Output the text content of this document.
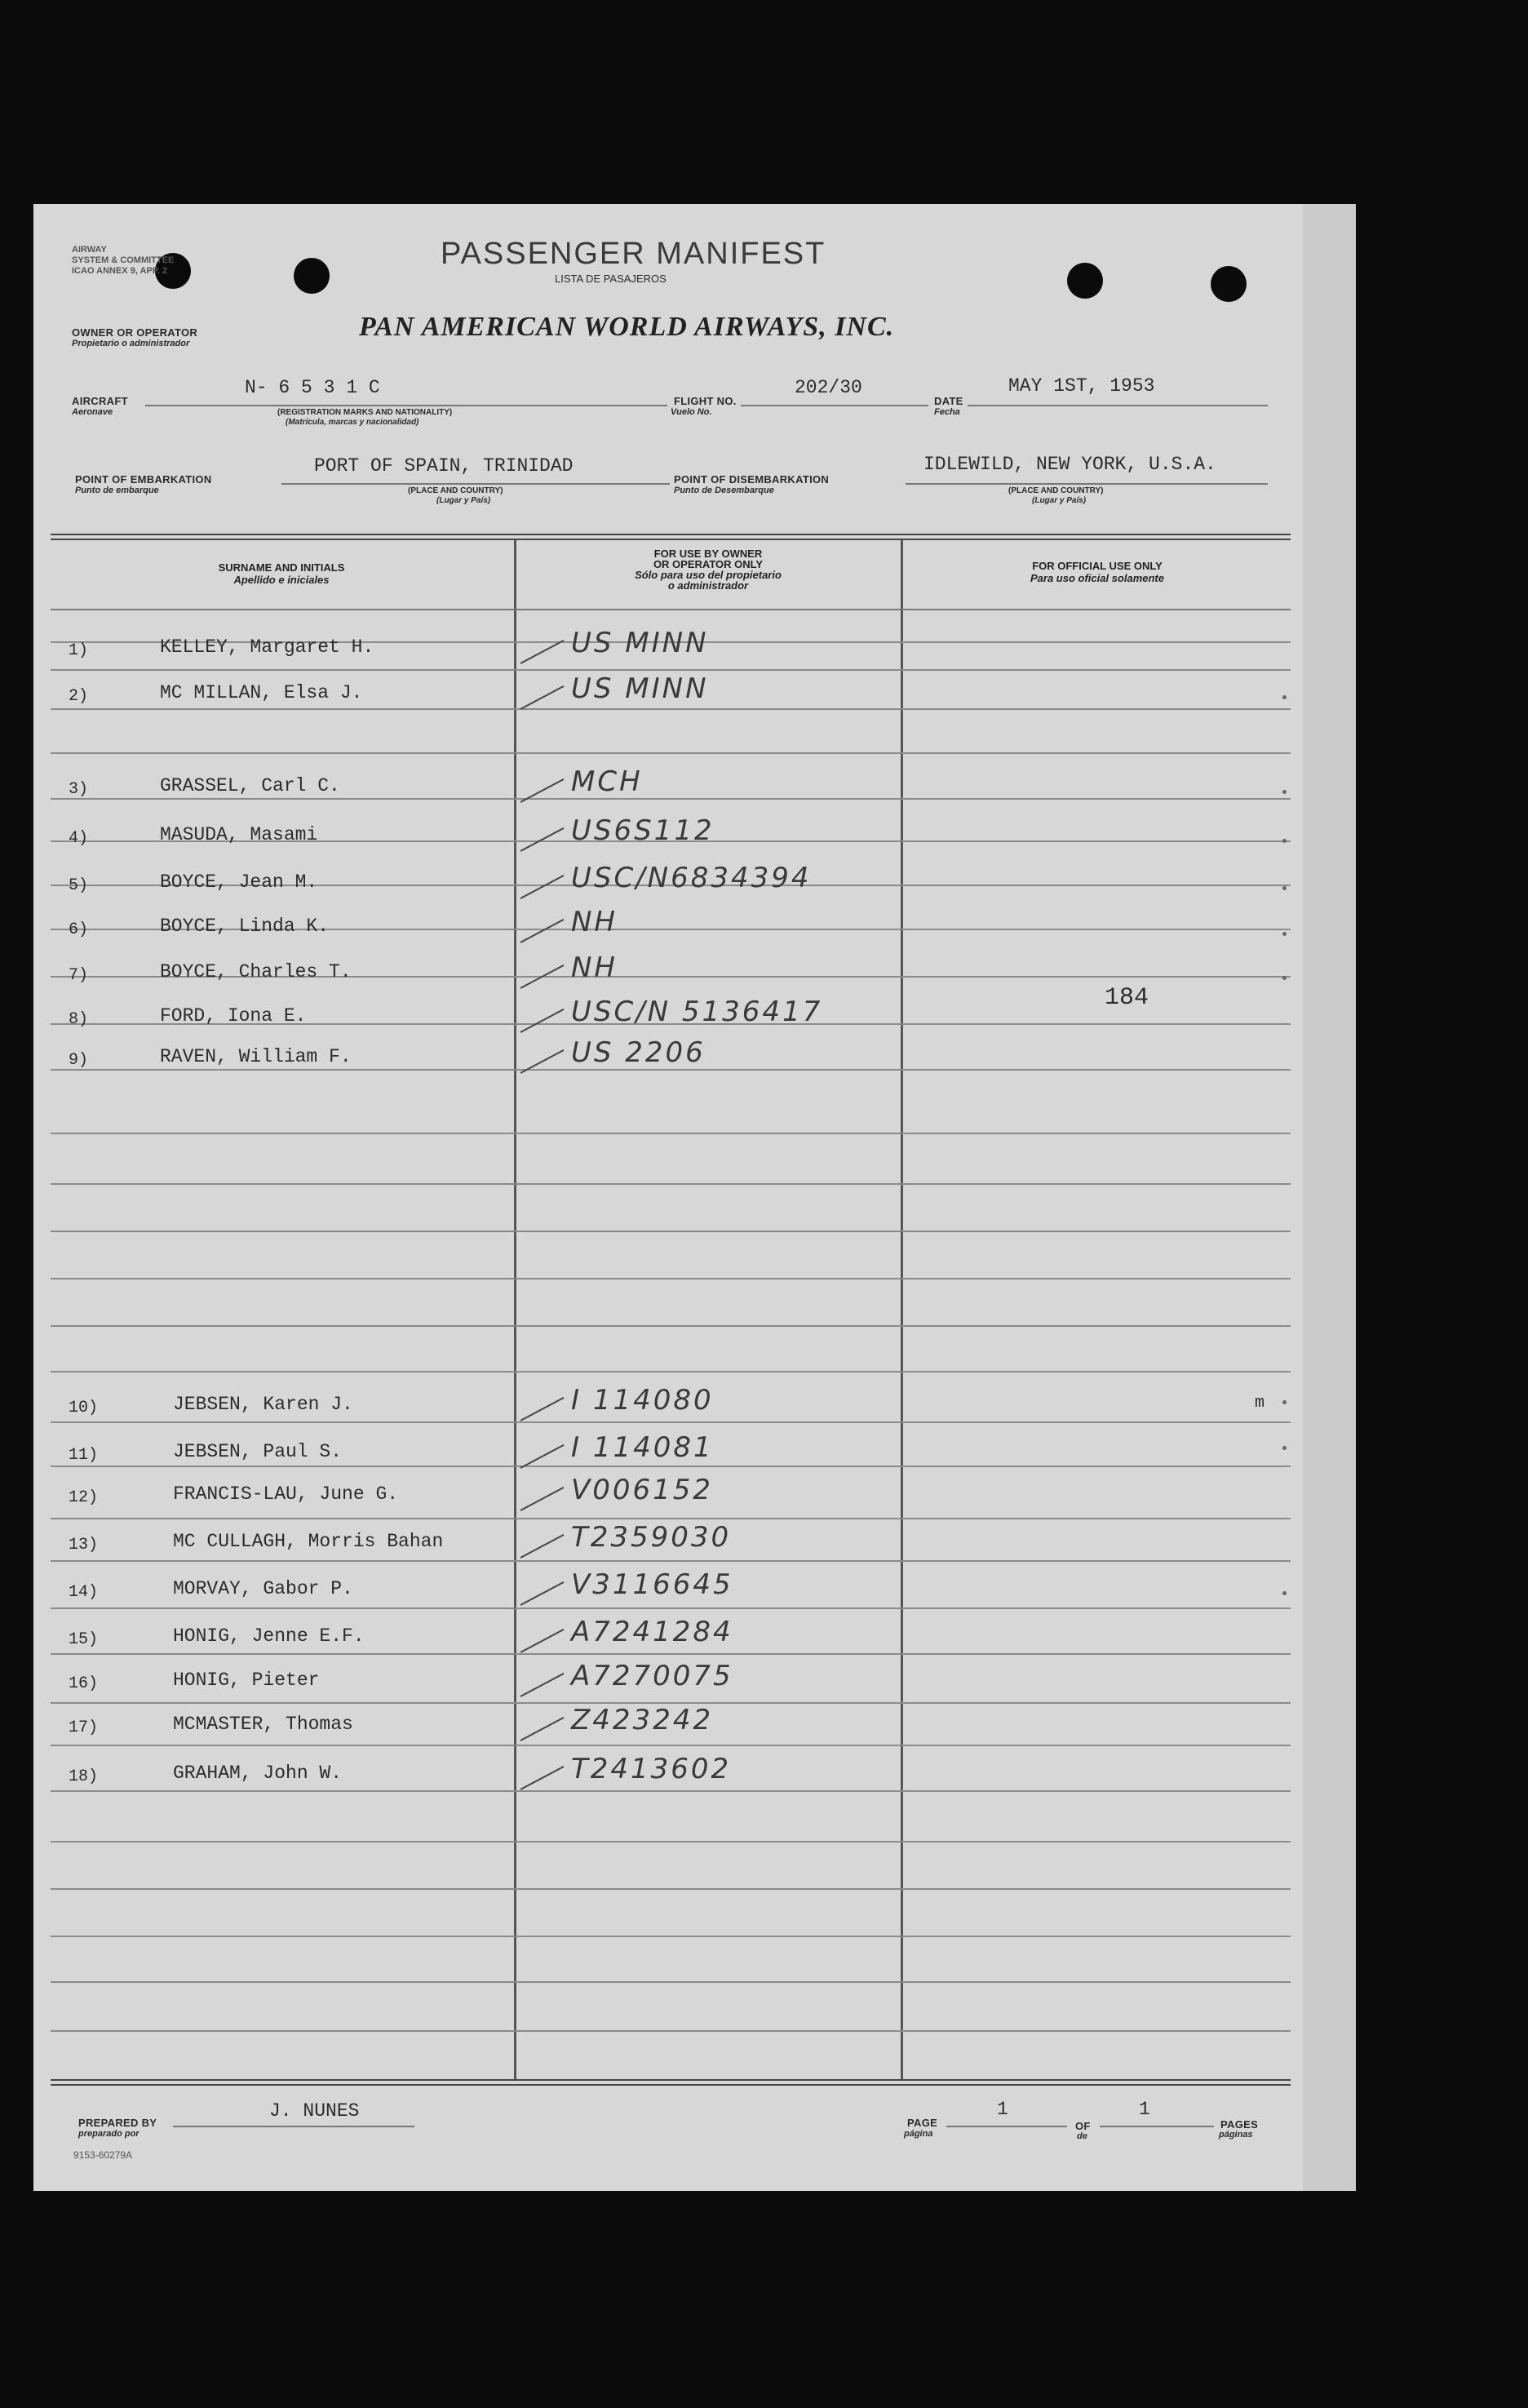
AIRWAY
SYSTEM & COMMITTEE
ICAO ANNEX 9, APP. 2	PASSENGER MANIFEST
LISTA DE PASAJEROS
OWNER OR OPERATOR
Propietario o administrador
PAN AMERICAN WORLD AIRWAYS, INC.
AIRCRAFT
Aeronave
N- 6 5 3 1 C
(REGISTRATION MARKS AND NATIONALITY)
(Matrícula, marcas y nacionalidad)
FLIGHT NO.
Vuelo No.
202/30
DATE
Fecha
MAY 1ST, 1953
POINT OF EMBARKATION
Punto de embarque
PORT OF SPAIN, TRINIDAD
(PLACE AND COUNTRY)
(Lugar y País)
POINT OF DISEMBARKATION
Punto de Desembarque
IDLEWILD, NEW YORK, U.S.A.
(PLACE AND COUNTRY)
(Lugar y País)
SURNAME AND INITIALS
Apellido e iniciales
FOR USE BY OWNER
OR OPERATOR ONLY
Sólo para uso del propietario
o administrador
FOR OFFICIAL USE ONLY
Para uso oficial solamente
1)	KELLEY, Margaret H.	US MINN
2)	MC MILLAN, Elsa J.	US MINN
3)	GRASSEL, Carl C.	MCH
4)	MASUDA, Masami	US6S112
5)	BOYCE, Jean M.	USC/N6834394
6)	BOYCE, Linda K.	NH
7)	BOYCE, Charles T.	NH
8)	FORD, Iona E.	USC/N 5136417	184
9)	RAVEN, William F.	US 2206
10)	JEBSEN, Karen J.	I 114080	m
11)	JEBSEN, Paul S.	I 114081
12)	FRANCIS-LAU, June G.	V006152
13)	MC CULLAGH, Morris Bahan	T2359030
14)	MORVAY, Gabor P.	V3116645
15)	HONIG, Jenne E.F.	A7241284
16)	HONIG, Pieter	A7270075
17)	MCMASTER, Thomas	Z423242
18)	GRAHAM, John W.	T2413602
PREPARED BY
preparado por
J. NUNES
PAGE
página
1
OF
de
1
PAGES
páginas
9153-60279A
